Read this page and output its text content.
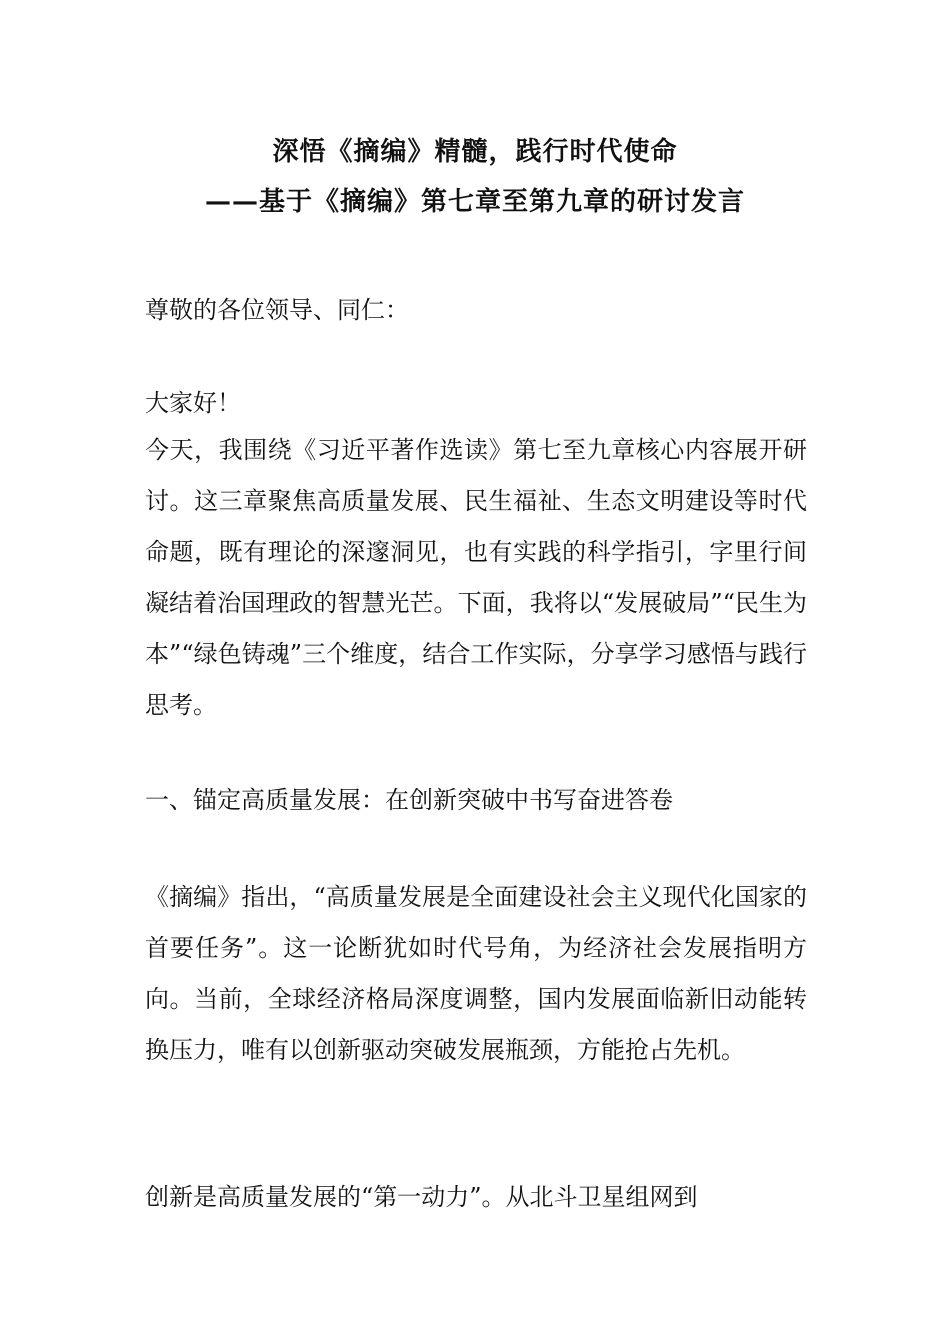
深悟《摘编》精髓，践行时代使命
——基于《摘编》第七章至第九章的研讨发言

尊敬的各位领导、同仁：

大家好！

今天，我围绕《习近平著作选读》第七至九章核心内容展开研讨。这三章聚焦高质量发展、民生福祉、生态文明建设等时代命题，既有理论的深邃洞见，也有实践的科学指引，字里行间凝结着治国理政的智慧光芒。下面，我将以“发展破局”“民生为本”“绿色铸魂”三个维度，结合工作实际，分享学习感悟与践行思考。

一、锚定高质量发展：在创新突破中书写奋进答卷

《摘编》指出，“高质量发展是全面建设社会主义现代化国家的首要任务”。这一论断犹如时代号角，为经济社会发展指明方向。当前，全球经济格局深度调整，国内发展面临新旧动能转换压力，唯有以创新驱动突破发展瓶颈，方能抢占先机。

创新是高质量发展的“第一动力”。从北斗卫星组网到
